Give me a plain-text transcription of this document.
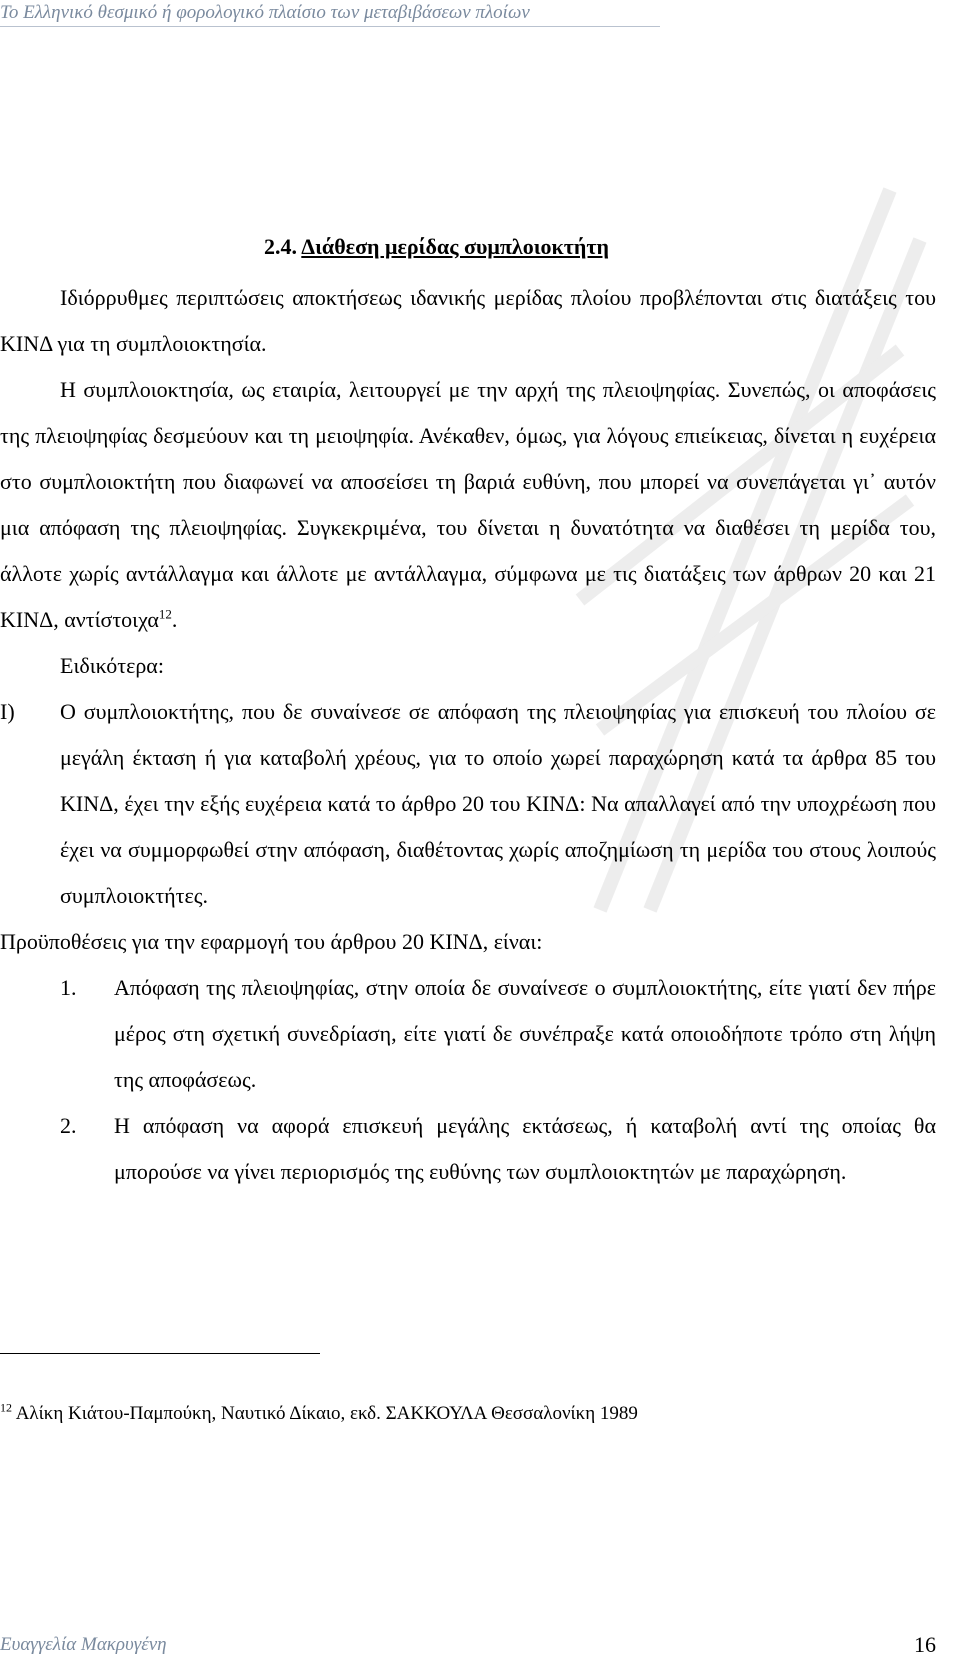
Το Ελληνικό θεσμικό ή φορολογικό πλαίσιο των μεταβιβάσεων πλοίων
2.4. Διάθεση μερίδας συμπλοιοκτήτη

Ιδιόρρυθμες περιπτώσεις αποκτήσεως ιδανικής μερίδας πλοίου προβλέπονται στις διατάξεις του ΚΙΝΔ για τη συμπλοιοκτησία.

Η συμπλοιοκτησία, ως εταιρία, λειτουργεί με την αρχή της πλειοψηφίας. Συνεπώς, οι αποφάσεις της πλειοψηφίας δεσμεύουν και τη μειοψηφία. Ανέκαθεν, όμως, για λόγους επιείκειας, δίνεται η ευχέρεια στο συμπλοιοκτήτη που διαφωνεί να αποσείσει τη βαριά ευθύνη, που μπορεί να συνεπάγεται γι᾽ αυτόν μια απόφαση της πλειοψηφίας. Συγκεκριμένα, του δίνεται η δυνατότητα να διαθέσει τη μερίδα του, άλλοτε χωρίς αντάλλαγμα και άλλοτε με αντάλλαγμα, σύμφωνα με τις διατάξεις των άρθρων 20 και 21 ΚΙΝΔ, αντίστοιχα$^{12}$.

Ειδικότερα:

I)	Ο συμπλοιοκτήτης, που δε συναίνεσε σε απόφαση της πλειοψηφίας για επισκευή του πλοίου σε μεγάλη έκταση ή για καταβολή χρέους, για το οποίο χωρεί παραχώρηση κατά τα άρθρα 85 του ΚΙΝΔ, έχει την εξής ευχέρεια κατά το άρθρο 20 του ΚΙΝΔ: Να απαλλαγεί από την υποχρέωση που έχει να συμμορφωθεί στην απόφαση, διαθέτοντας χωρίς αποζημίωση τη μερίδα του στους λοιπούς συμπλοιοκτήτες.

Προϋποθέσεις για την εφαρμογή του άρθρου 20 ΚΙΝΔ, είναι:

1.	Απόφαση της πλειοψηφίας, στην οποία δε συναίνεσε ο συμπλοιοκτήτης, είτε γιατί δεν πήρε μέρος στη σχετική συνεδρίαση, είτε γιατί δε συνέπραξε κατά οποιοδήποτε τρόπο στη λήψη της αποφάσεως.
2.	Η απόφαση να αφορά επισκευή μεγάλης εκτάσεως, ή καταβολή αντί της οποίας θα μπορούσε να γίνει περιορισμός της ευθύνης των συμπλοιοκτητών με παραχώρηση.
$^{12}$ Αλίκη Κιάτου-Παμπούκη, Ναυτικό Δίκαιο, εκδ. ΣΑΚΚΟΥΛΑ Θεσσαλονίκη 1989
Ευαγγελία Μακρυγένη	16
